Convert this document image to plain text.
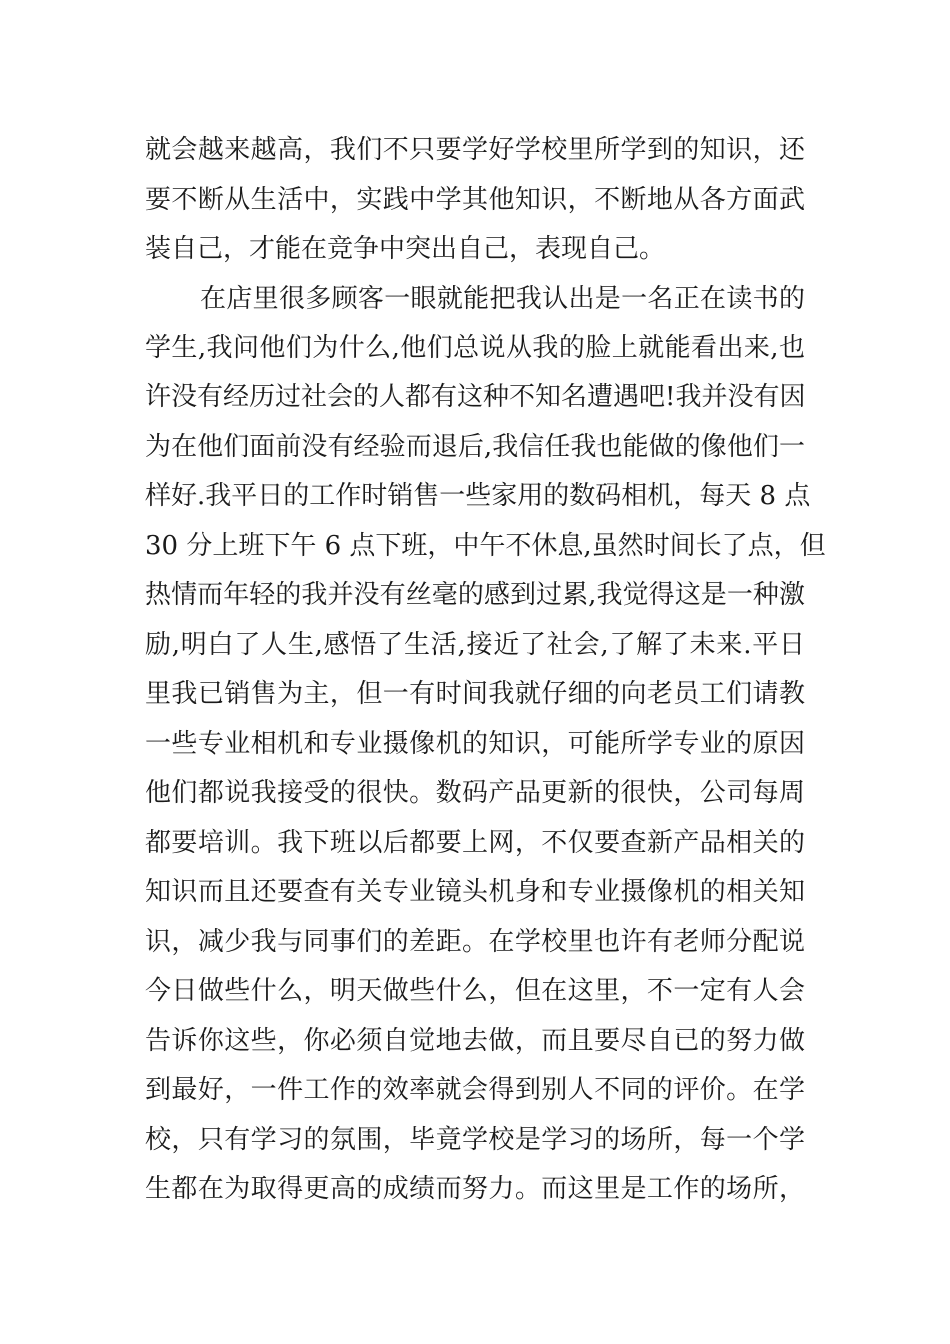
就会越来越高，我们不只要学好学校里所学到的知识，还
要不断从生活中，实践中学其他知识，不断地从各方面武
装自己，才能在竞争中突出自己，表现自己。
在店里很多顾客一眼就能把我认出是一名正在读书的
学生,我问他们为什么,他们总说从我的脸上就能看出来,也
许没有经历过社会的人都有这种不知名遭遇吧!我并没有因
为在他们面前没有经验而退后,我信任我也能做的像他们一
样好.我平日的工作时销售一些家用的数码相机，每天 8 点
30 分上班下午 6 点下班，中午不休息,虽然时间长了点，但
热情而年轻的我并没有丝毫的感到过累,我觉得这是一种激
励,明白了人生,感悟了生活,接近了社会,了解了未来.平日
里我已销售为主，但一有时间我就仔细的向老员工们请教
一些专业相机和专业摄像机的知识，可能所学专业的原因
他们都说我接受的很快。数码产品更新的很快，公司每周
都要培训。我下班以后都要上网，不仅要查新产品相关的
知识而且还要查有关专业镜头机身和专业摄像机的相关知
识，减少我与同事们的差距。在学校里也许有老师分配说
今日做些什么，明天做些什么，但在这里，不一定有人会
告诉你这些，你必须自觉地去做，而且要尽自已的努力做
到最好，一件工作的效率就会得到别人不同的评价。在学
校，只有学习的氛围，毕竟学校是学习的场所，每一个学
生都在为取得更高的成绩而努力。而这里是工作的场所，
